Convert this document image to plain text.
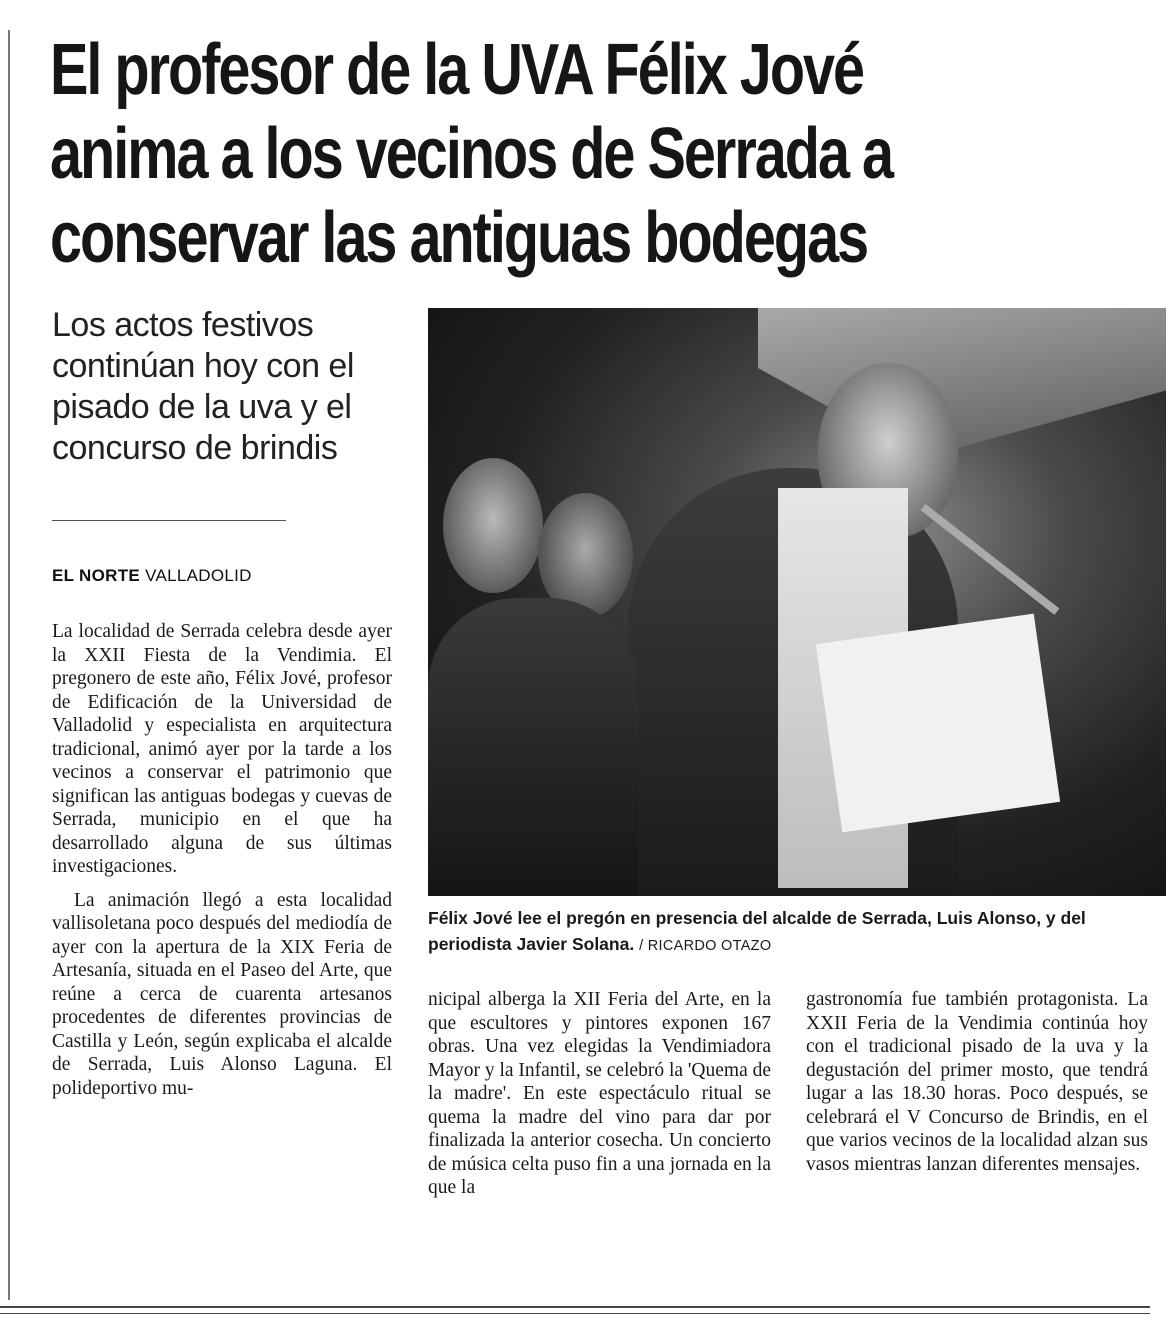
El profesor de la UVA Félix Jové
anima a los vecinos de Serrada a
conservar las antiguas bodegas

Los actos festivos continúan hoy con el pisado de la uva y el concurso de brindis

EL NORTE VALLADOLID

La localidad de Serrada celebra desde ayer la XXII Fiesta de la Vendimia. El pregonero de este año, Félix Jové, profesor de Edificación de la Universidad de Valladolid y especialista en arquitectura tradicional, animó ayer por la tarde a los vecinos a conservar el patrimonio que significan las antiguas bodegas y cuevas de Serrada, municipio en el que ha desarrollado alguna de sus últimas investigaciones.

La animación llegó a esta localidad vallisoletana poco después del mediodía de ayer con la apertura de la XIX Feria de Artesanía, situada en el Paseo del Arte, que reúne a cerca de cuarenta artesanos procedentes de diferentes provincias de Castilla y León, según explicaba el alcalde de Serrada, Luis Alonso Laguna. El polideportivo mu-

Félix Jové lee el pregón en presencia del alcalde de Serrada, Luis Alonso, y del periodista Javier Solana. / RICARDO OTAZO

nicipal alberga la XII Feria del Arte, en la que escultores y pintores exponen 167 obras. Una vez elegidas la Vendimiadora Mayor y la Infantil, se celebró la 'Quema de la madre'. En este espectáculo ritual se quema la madre del vino para dar por finalizada la anterior cosecha. Un concierto de música celta puso fin a una jornada en la que la

gastronomía fue también protagonista. La XXII Feria de la Vendimia continúa hoy con el tradicional pisado de la uva y la degustación del primer mosto, que tendrá lugar a las 18.30 horas. Poco después, se celebrará el V Concurso de Brindis, en el que varios vecinos de la localidad alzan sus vasos mientras lanzan diferentes mensajes.
